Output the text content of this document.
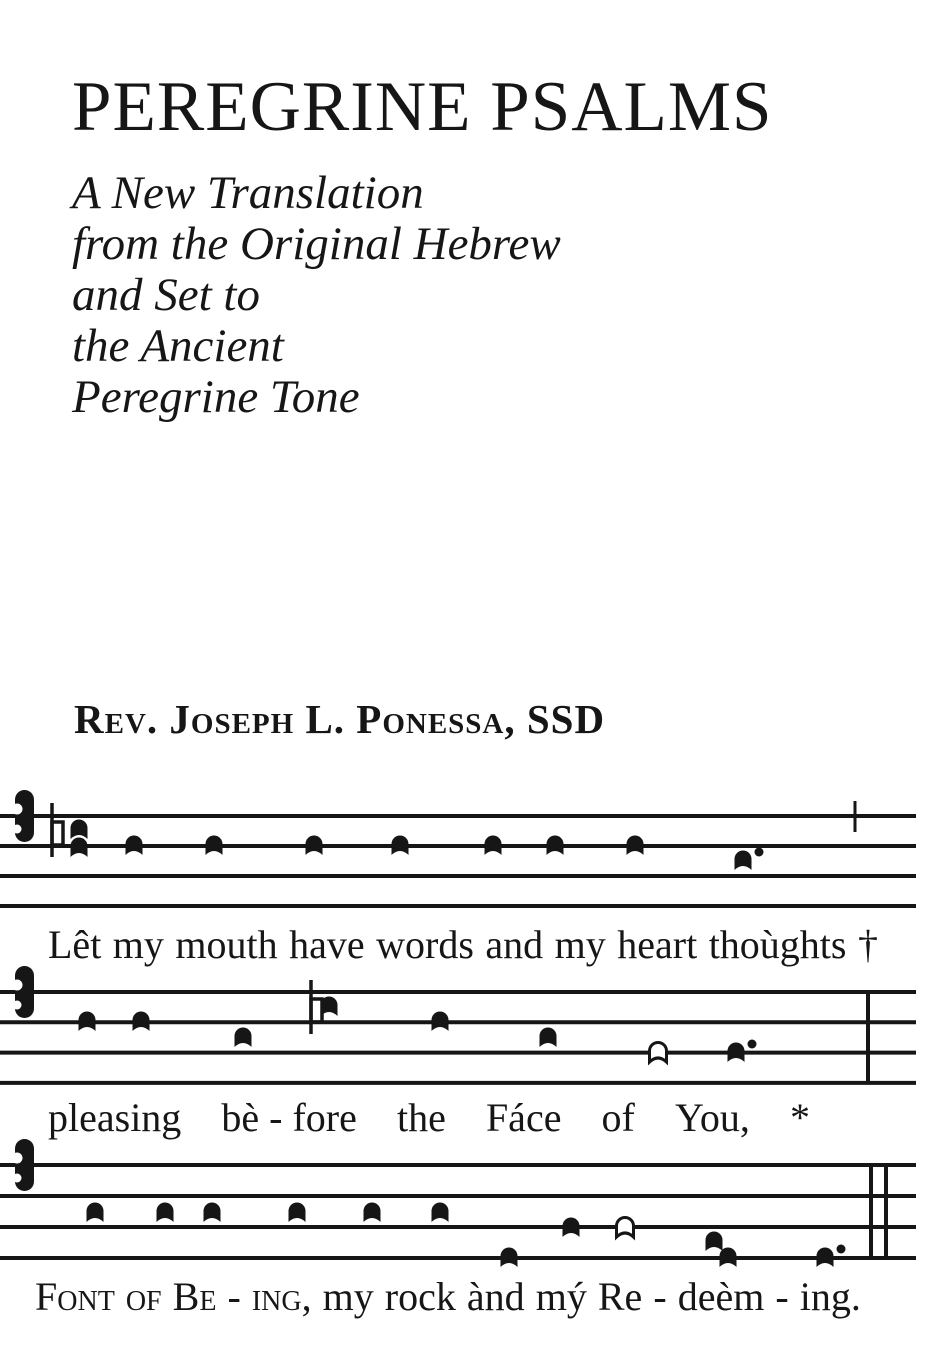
PEREGRINE PSALMS
A New Translation
from the Original Hebrew
and Set to
the Ancient
Peregrine Tone
Rev. Joseph L. Ponessa, SSD
Lêt my mouth have words and my heart thoùghts †
pleasing bè - fore the Fáce of You, *
Font of Be - ing, my rock ànd mý Re - deèm - ing.
